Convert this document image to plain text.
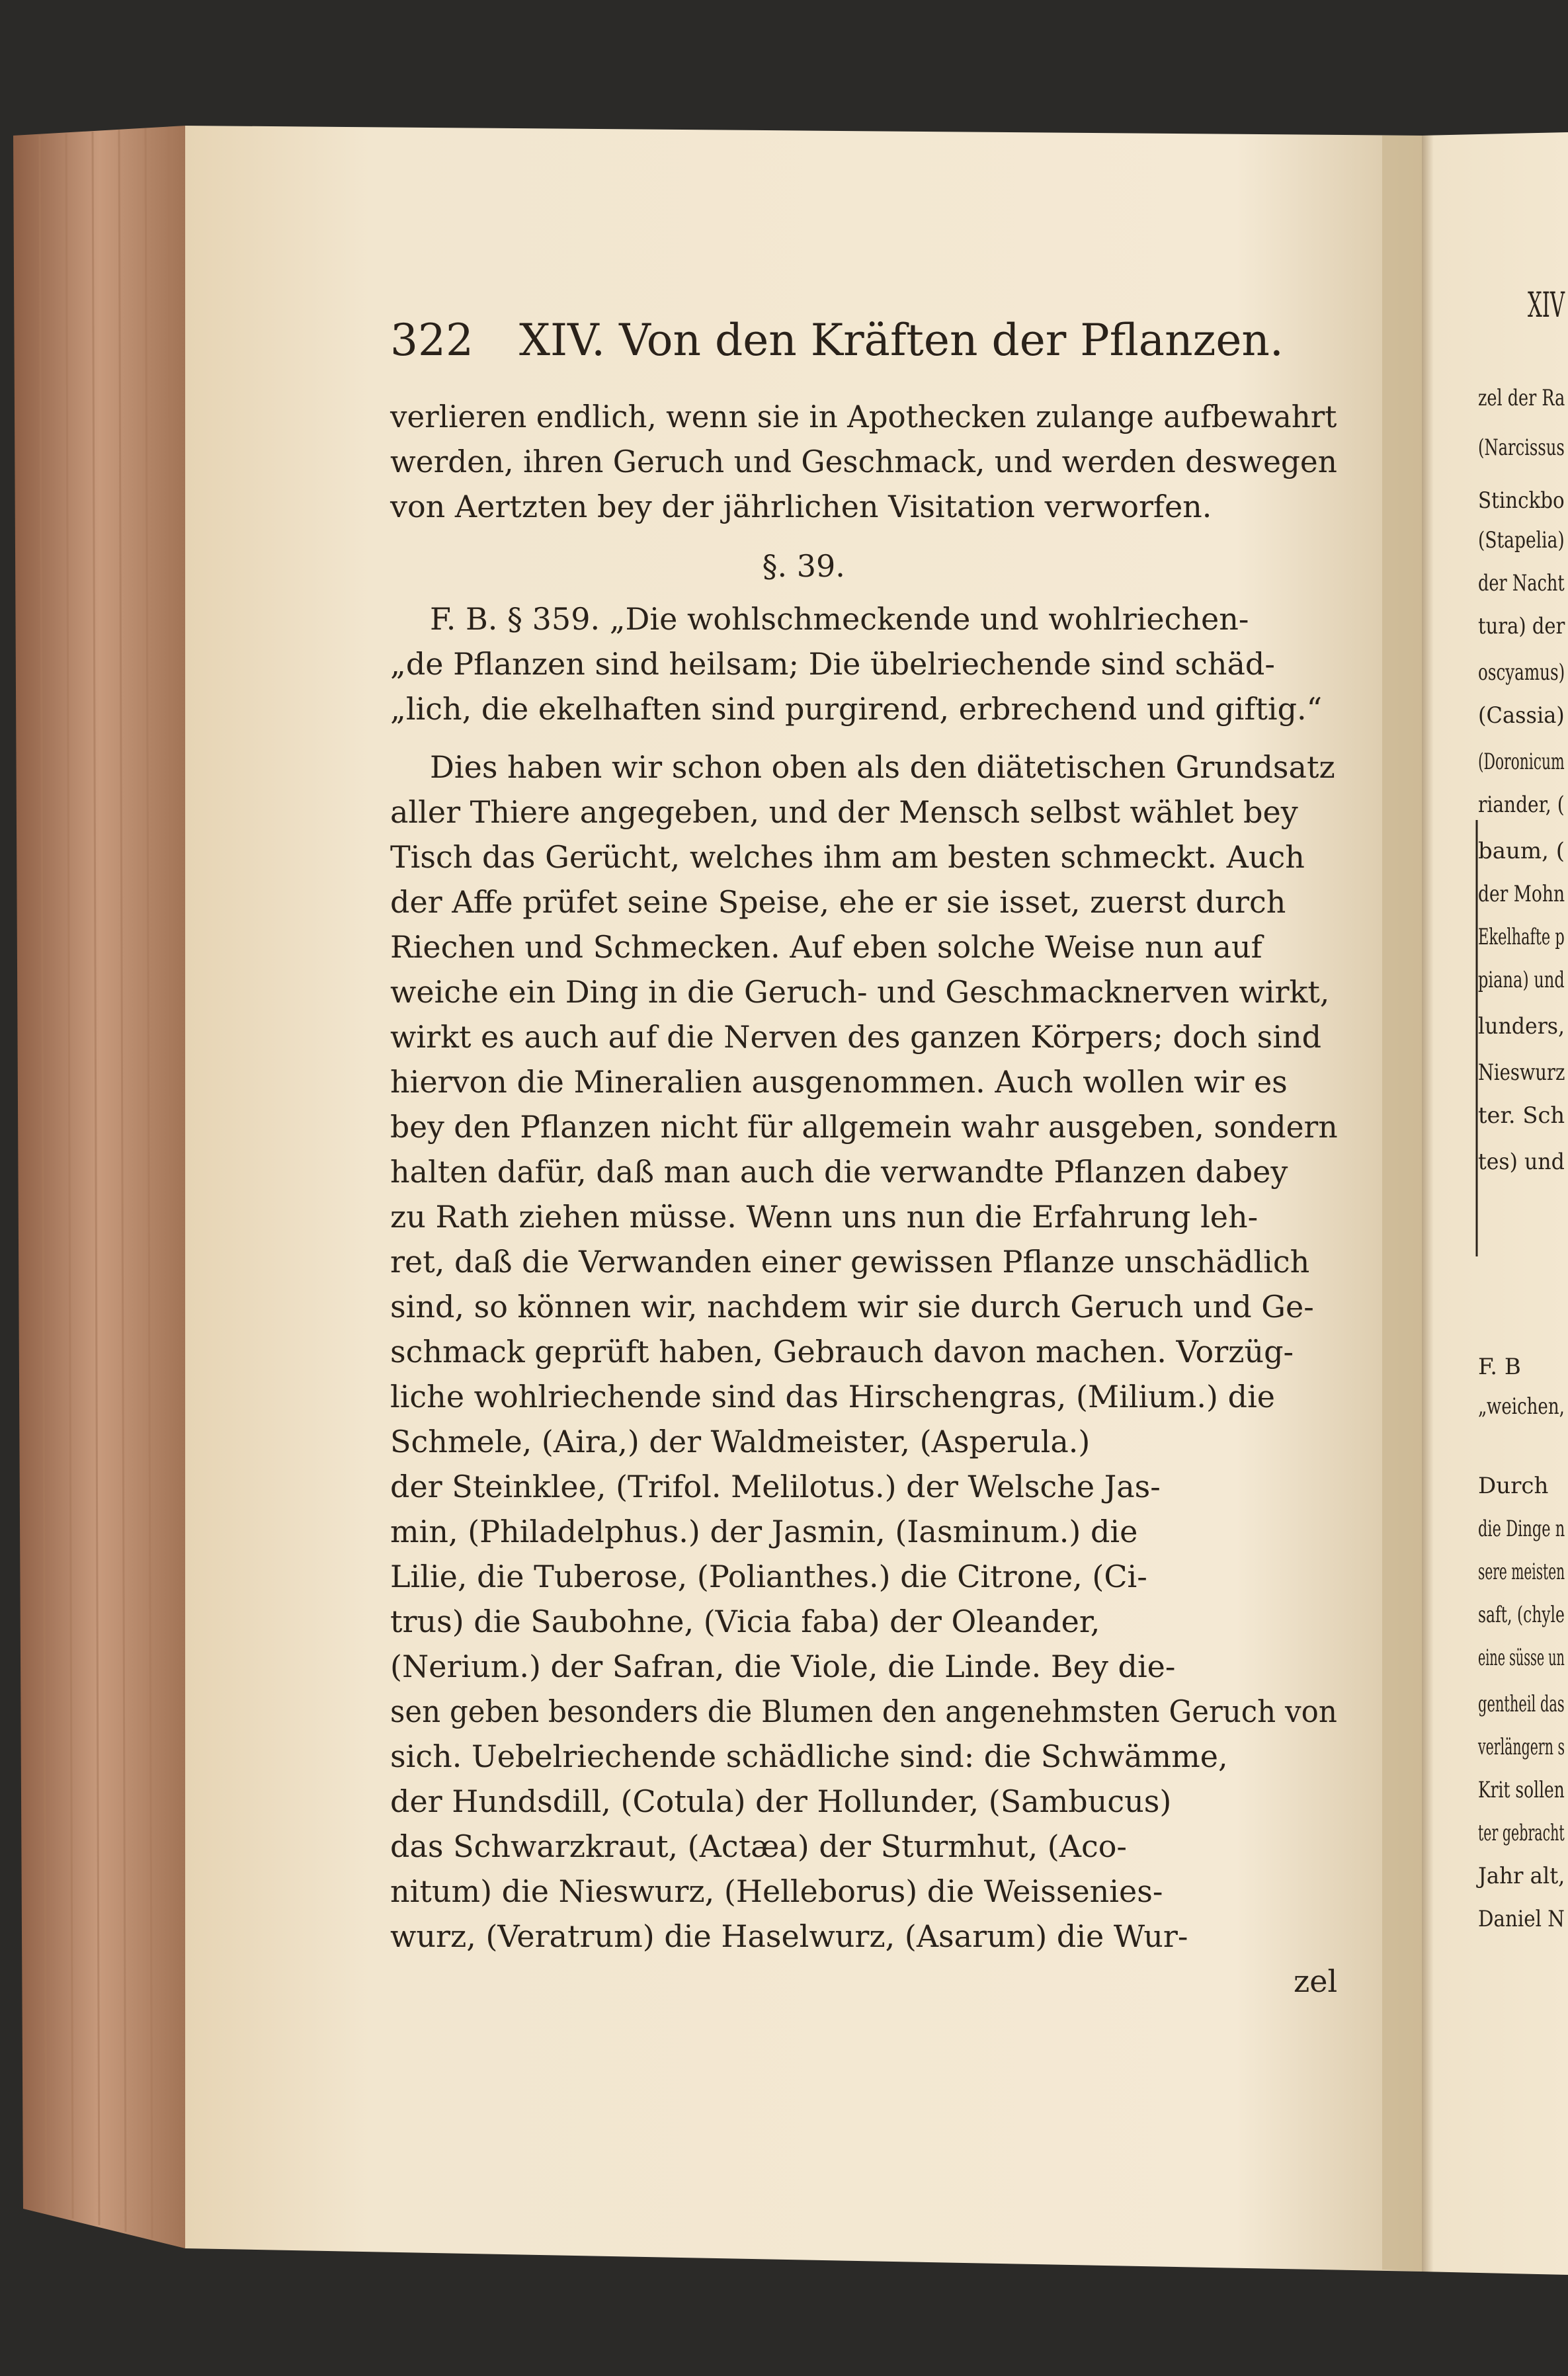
322 XIV. Von den Kräften der Pflanzen.
verlieren endlich, wenn sie in Apothecken zulange aufbewahrt
werden, ihren Geruch und Geschmack, und werden deswegen
von Aertzten bey der jährlichen Visitation verworfen.
§. 39.
F. B. § 359. „Die wohlschmeckende und wohlriechen-
„de Pflanzen sind heilsam; Die übelriechende sind schäd-
„lich, die ekelhaften sind purgirend, erbrechend und giftig.“
Dies haben wir schon oben als den diätetischen Grundsatz
aller Thiere angegeben, und der Mensch selbst wählet bey
Tisch das Gerücht, welches ihm am besten schmeckt. Auch
der Affe prüfet seine Speise, ehe er sie isset, zuerst durch
Riechen und Schmecken. Auf eben solche Weise nun auf
weiche ein Ding in die Geruch- und Geschmacknerven wirkt,
wirkt es auch auf die Nerven des ganzen Körpers; doch sind
hiervon die Mineralien ausgenommen. Auch wollen wir es
bey den Pflanzen nicht für allgemein wahr ausgeben, sondern
halten dafür, daß man auch die verwandte Pflanzen dabey
zu Rath ziehen müsse. Wenn uns nun die Erfahrung leh-
ret, daß die Verwanden einer gewissen Pflanze unschädlich
sind, so können wir, nachdem wir sie durch Geruch und Ge-
schmack geprüft haben, Gebrauch davon machen. Vorzüg-
liche wohlriechende sind das Hirschengras, (Milium.) die
Schmele, (Aira,) der Waldmeister, (Asperula.)
der Steinklee, (Trifol. Melilotus.) der Welsche Jas-
min, (Philadelphus.) der Jasmin, (Iasminum.) die
Lilie, die Tuberose, (Polianthes.) die Citrone, (Ci-
trus) die Saubohne, (Vicia faba) der Oleander,
(Nerium.) der Safran, die Viole, die Linde. Bey die-
sen geben besonders die Blumen den angenehmsten Geruch von
sich. Uebelriechende schädliche sind: die Schwämme,
der Hundsdill, (Cotula) der Hollunder, (Sambucus)
das Schwarzkraut, (Actæa) der Sturmhut, (Aco-
nitum) die Nieswurz, (Helleborus) die Weissenies-
wurz, (Veratrum) die Haselwurz, (Asarum) die Wur-
zel
XIV
zel der Ra
(Narcissus
Stinckbo
(Stapelia)
der Nacht
tura) der
oscyamus)
(Cassia)
(Doronicum
riander, (
baum, (
der Mohn
Ekelhafte p
piana) und
lunders,
Nieswurz
ter. Sch
tes) und
F. B
„weichen,
Durch
die Dinge n
sere meisten
saft, (chyle
eine süsse un
gentheil das
verlängern s
Krit sollen
ter gebracht
Jahr alt,
Daniel N
